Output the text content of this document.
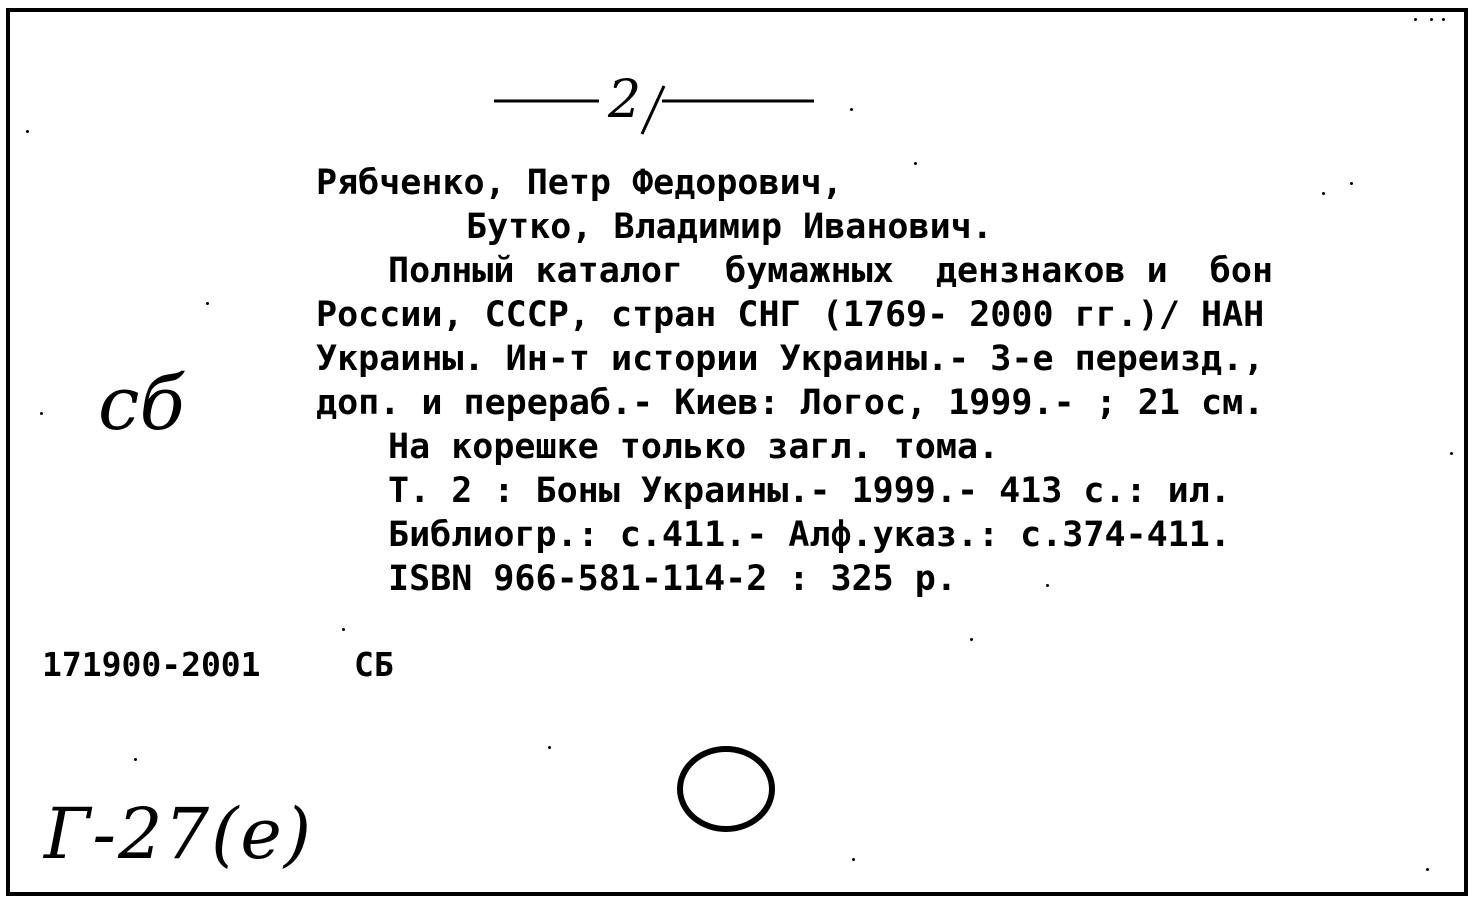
2
Рябченко, Петр Федорович,
Бутко, Владимир Иванович.
Полный каталог  бумажных  дензнаков и  бон
России, СССР, стран СНГ (1769- 2000 гг.)/ НАН
Украины. Ин-т истории Украины.- 3-е переизд.,
доп. и перераб.- Киев: Логос, 1999.- ; 21 см.
На корешке только загл. тома.
Т. 2 : Боны Украины.- 1999.- 413 с.: ил.
Библиогр.: с.411.- Алф.указ.: с.374-411.
ISBN 966-581-114-2 : 325 р.
сб
171900-2001	СБ
Г-27(е)
